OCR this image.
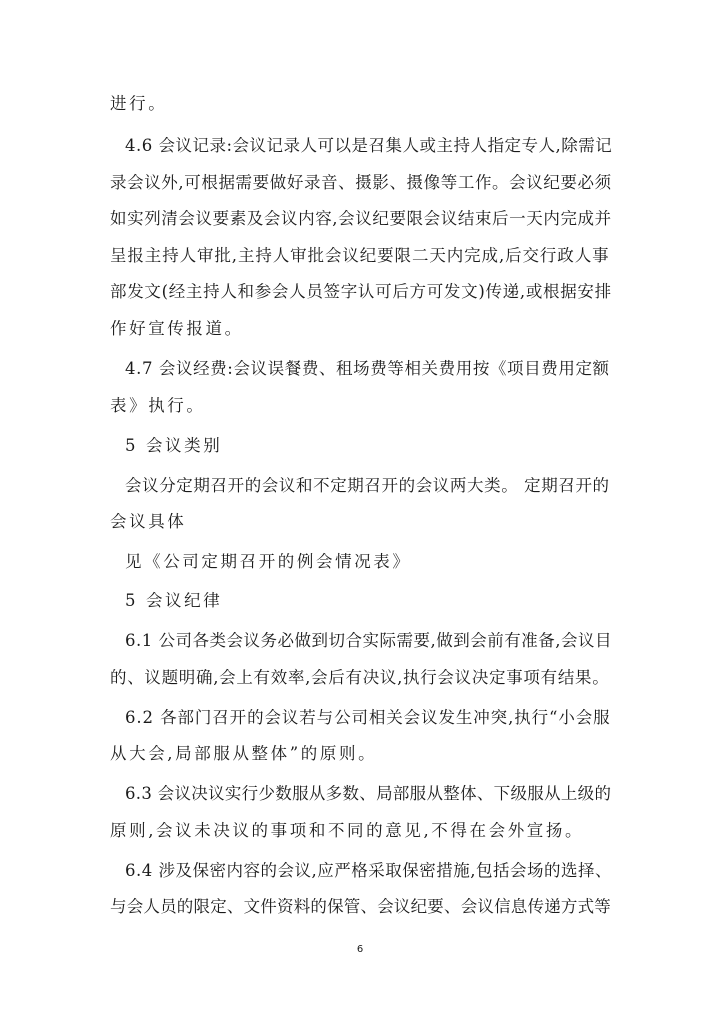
进行。

4.6 会议记录:会议记录人可以是召集人或主持人指定专人,除需记

录会议外,可根据需要做好录音、摄影、摄像等工作。会议纪要必须

如实列清会议要素及会议内容,会议纪要限会议结束后一天内完成并

呈报主持人审批,主持人审批会议纪要限二天内完成,后交行政人事

部发文(经主持人和参会人员签字认可后方可发文)传递,或根据安排

作好宣传报道。

4.7 会议经费:会议误餐费、租场费等相关费用按《项目费用定额

表》执行。

5 会议类别

会议分定期召开的会议和不定期召开的会议两大类。 定期召开的

会议具体

见《公司定期召开的例会情况表》

5 会议纪律

6.1 公司各类会议务必做到切合实际需要,做到会前有准备,会议目

的、议题明确,会上有效率,会后有决议,执行会议决定事项有结果。

6.2 各部门召开的会议若与公司相关会议发生冲突,执行“小会服

从大会,局部服从整体”的原则。

6.3 会议决议实行少数服从多数、局部服从整体、下级服从上级的

原则,会议未决议的事项和不同的意见,不得在会外宣扬。

6.4 涉及保密内容的会议,应严格采取保密措施,包括会场的选择、

与会人员的限定、文件资料的保管、会议纪要、会议信息传递方式等

6
